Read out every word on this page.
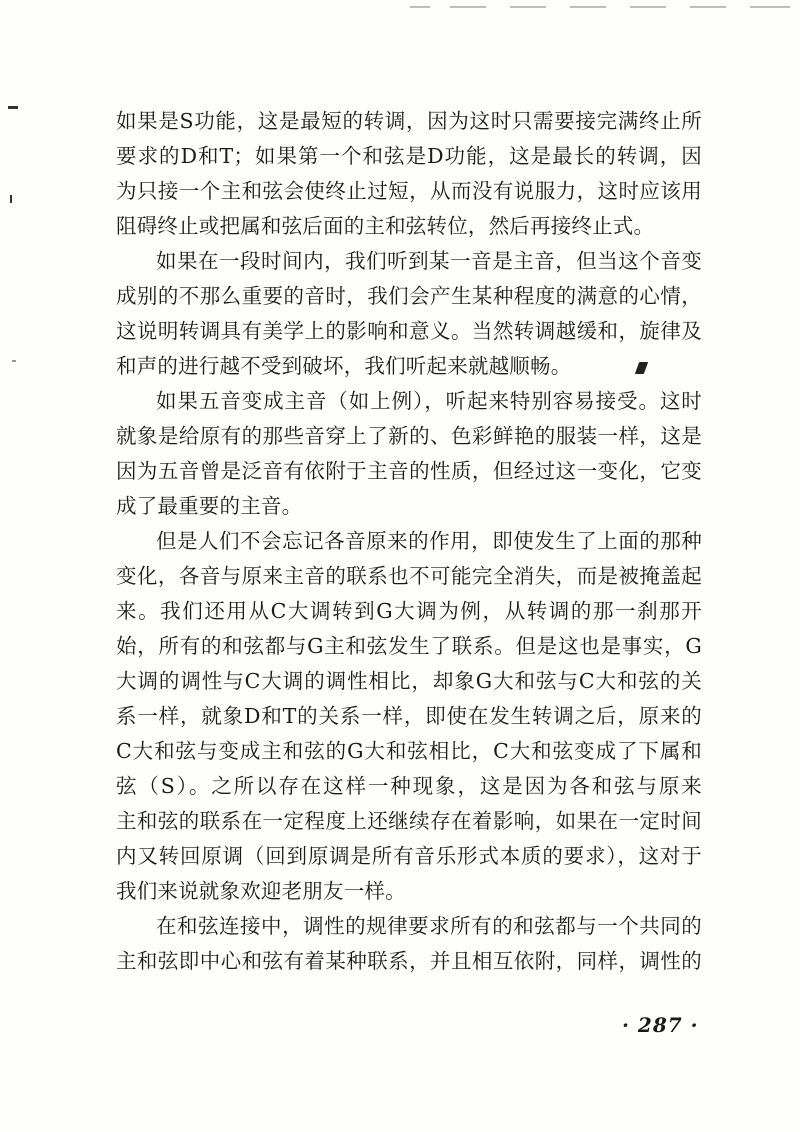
如果是S功能，这是最短的转调，因为这时只需要接完满终止所
要求的D和T；如果第一个和弦是D功能，这是最长的转调，因
为只接一个主和弦会使终止过短，从而没有说服力，这时应该用
阻碍终止或把属和弦后面的主和弦转位，然后再接终止式。
如果在一段时间内，我们听到某一音是主音，但当这个音变
成别的不那么重要的音时，我们会产生某种程度的满意的心情，
这说明转调具有美学上的影响和意义。当然转调越缓和，旋律及
和声的进行越不受到破坏，我们听起来就越顺畅。
如果五音变成主音（如上例），听起来特别容易接受。这时
就象是给原有的那些音穿上了新的、色彩鲜艳的服装一样，这是
因为五音曾是泛音有依附于主音的性质，但经过这一变化，它变
成了最重要的主音。
但是人们不会忘记各音原来的作用，即使发生了上面的那种
变化，各音与原来主音的联系也不可能完全消失，而是被掩盖起
来。我们还用从C大调转到G大调为例，从转调的那一刹那开
始，所有的和弦都与G主和弦发生了联系。但是这也是事实，G
大调的调性与C大调的调性相比，却象G大和弦与C大和弦的关
系一样，就象D和T的关系一样，即使在发生转调之后，原来的
C大和弦与变成主和弦的G大和弦相比，C大和弦变成了下属和
弦（S）。之所以存在这样一种现象，这是因为各和弦与原来
主和弦的联系在一定程度上还继续存在着影响，如果在一定时间
内又转回原调（回到原调是所有音乐形式本质的要求），这对于
我们来说就象欢迎老朋友一样。
在和弦连接中，调性的规律要求所有的和弦都与一个共同的
主和弦即中心和弦有着某种联系，并且相互依附，同样，调性的
· 287 ·
